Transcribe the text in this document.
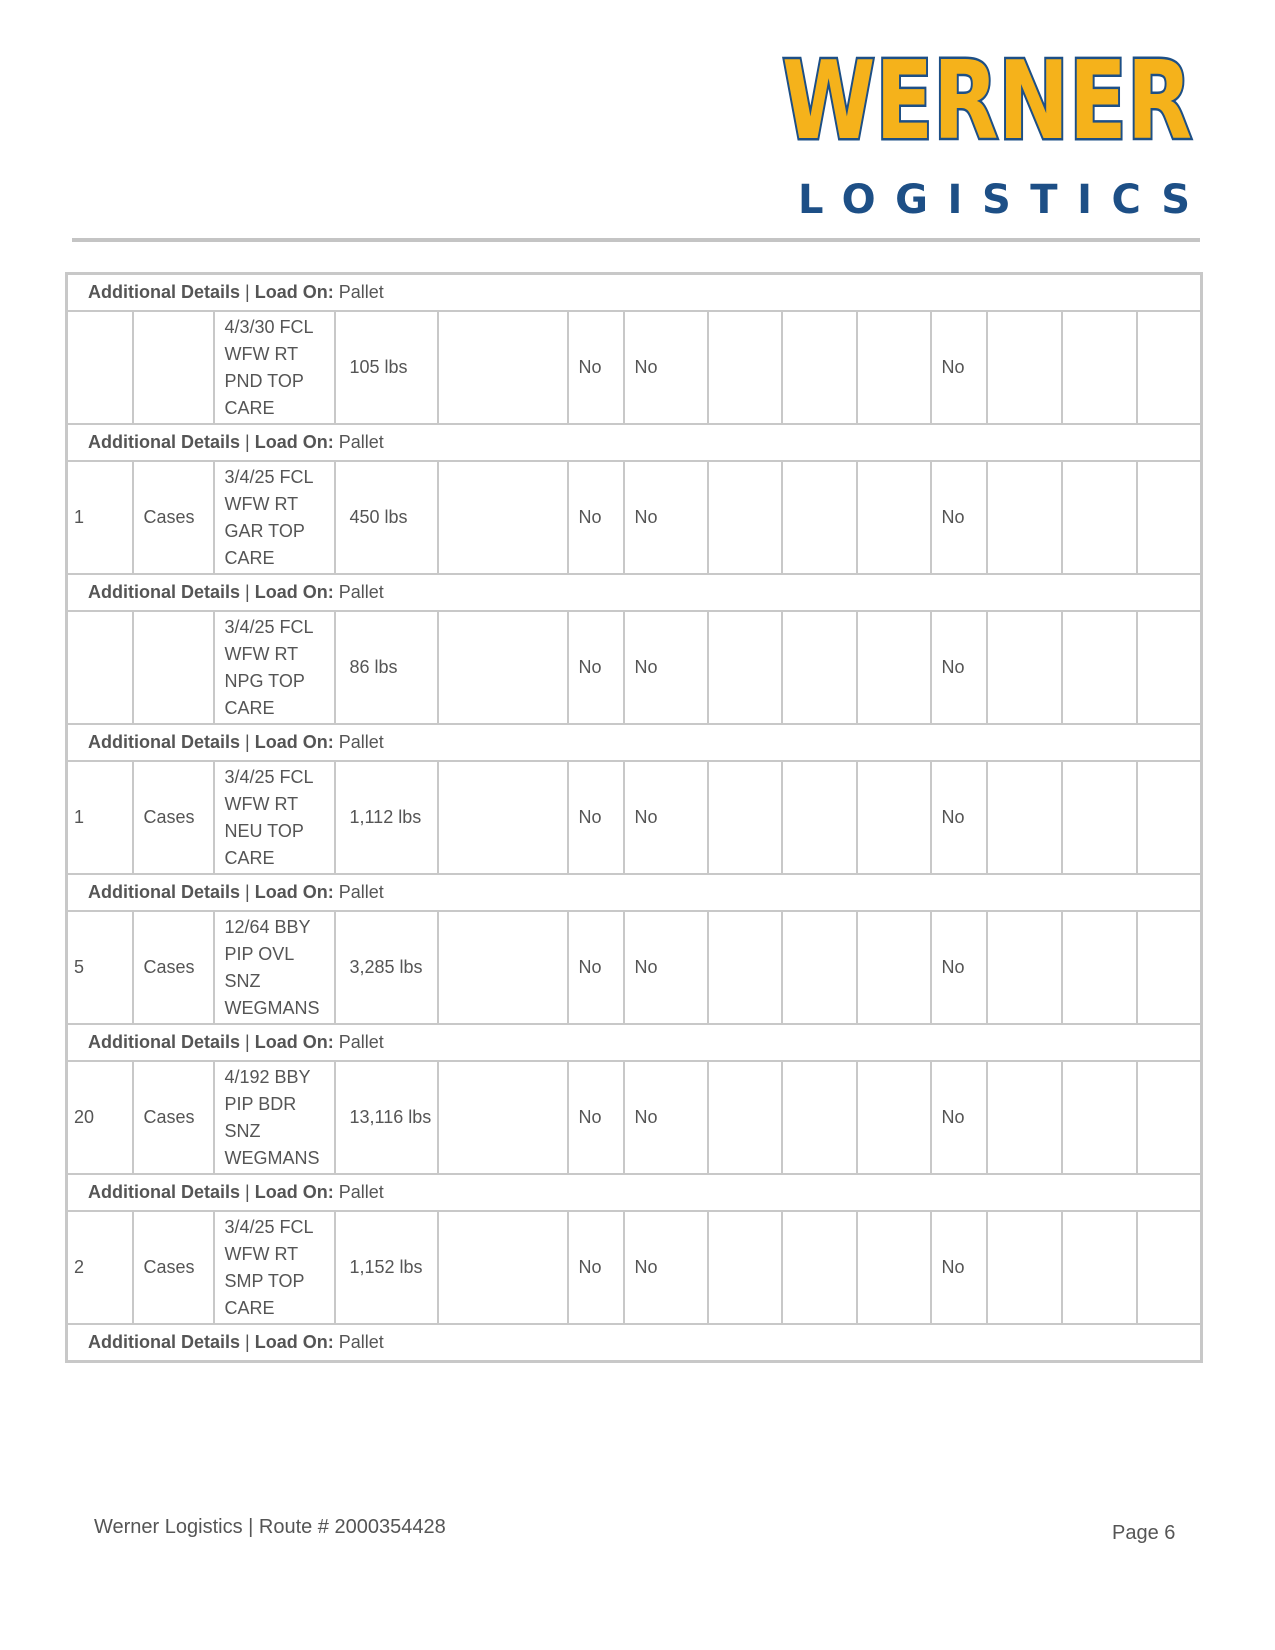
WERNER
LOGISTICS
Additional Details | Load On: Pallet													

		4/3/30 FCL
WFW RT
PND TOP
CARE	105 lbs		No	No				No			
Additional Details | Load On: Pallet													
1	Cases	3/4/25 FCL
WFW RT
GAR TOP
CARE	450 lbs		No	No				No			
Additional Details | Load On: Pallet													

		3/4/25 FCL
WFW RT
NPG TOP
CARE	86 lbs		No	No				No			
Additional Details | Load On: Pallet													
1	Cases	3/4/25 FCL
WFW RT
NEU TOP
CARE	1,112 lbs		No	No				No			
Additional Details | Load On: Pallet													
5	Cases	12/64 BBY
PIP OVL
SNZ
WEGMANS	3,285 lbs		No	No				No			
Additional Details | Load On: Pallet													
20	Cases	4/192 BBY
PIP BDR
SNZ
WEGMANS	13,116 lbs		No	No				No			
Additional Details | Load On: Pallet													
2	Cases	3/4/25 FCL
WFW RT
SMP TOP
CARE	1,152 lbs		No	No				No			
Additional Details | Load On: Pallet													
Werner Logistics | Route # 2000354428	Page 6
